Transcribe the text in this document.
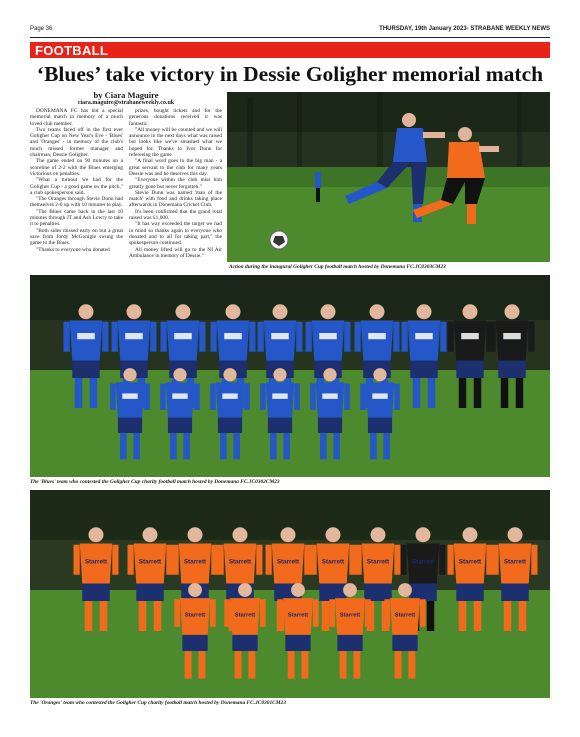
Page 36	THURSDAY, 19th January 2023- STRABANE WEEKLY NEWS
FOOTBALL
‘Blues’ take victory in Dessie Goligher memorial match
by Ciara Maguire
ciara.maguire@strabaneweekly.co.uk

DONEMANA FC has hld a special memorial match in memory of a much loved club member.

Two teams faced off in the first ever Goligher Cup on New Year's Eve - 'Blues' and 'Oranges' - in memory of the club's much missed former manager and chairman, Dessie Goligher.

The game ended on 90 minutes on a scoreline of 2-2 with the Blues emerging victorious on penalties.

"What a turnout we had for the Goligher Cup - a good game on the pitch," a club spokesperson said.

"The Oranges through Stevie Dunn had themselves 2-0 up with 10 minutes to play.

"The Blues came back in the last 10 minutes through JT and Ash Lowry to take it to penalties.

"Both sides missed early on but a great save from Jordy McGonigle swung the game to the Blues.

"Thanks to everyone who donated

prizes, bought tickets and for the generous donations received it was fantastic.

"All money will be counted and we will announce in the next days what was raised but looks like we've smashed what we hoped for. Thanks to Ivor Dunn for refereeing the game

"A final word goes to the big man - a great servant to the club for many years Dessie was and he deserves this day.

"Everyone within the club miss him greatly gone but never forgotten."

Stevie Dunn was named 'man of the match' with food and drinks taking place afterwards in Donemana Cricket Club.

It's been confirmed that the grand total raised was £1,000.

"It has way exceeded the target we had in mind so thanks again to everyone who donated and to all for taking part," the spokesperson continued.

All money lifted will go to the NI Air Ambulance in memory of Dessie."

Action during the inaugural Goligher Cup football match hosted by Donemana FC.JC0303CM23
The 'Blues' team who contested the Goligher Cup charity football match hosted by Donemana FC.JC0302CM23
Starrett	Starrett	Starrett	Starrett	Starrett	Starrett	Starrett	Starrett	Starrett	Starrett
Starrett	Starrett	Starrett	Starrett	Starrett
The 'Oranges' team who contested the Goligher Cup charity football match hosted by Donemana FC.JC0301CM23
